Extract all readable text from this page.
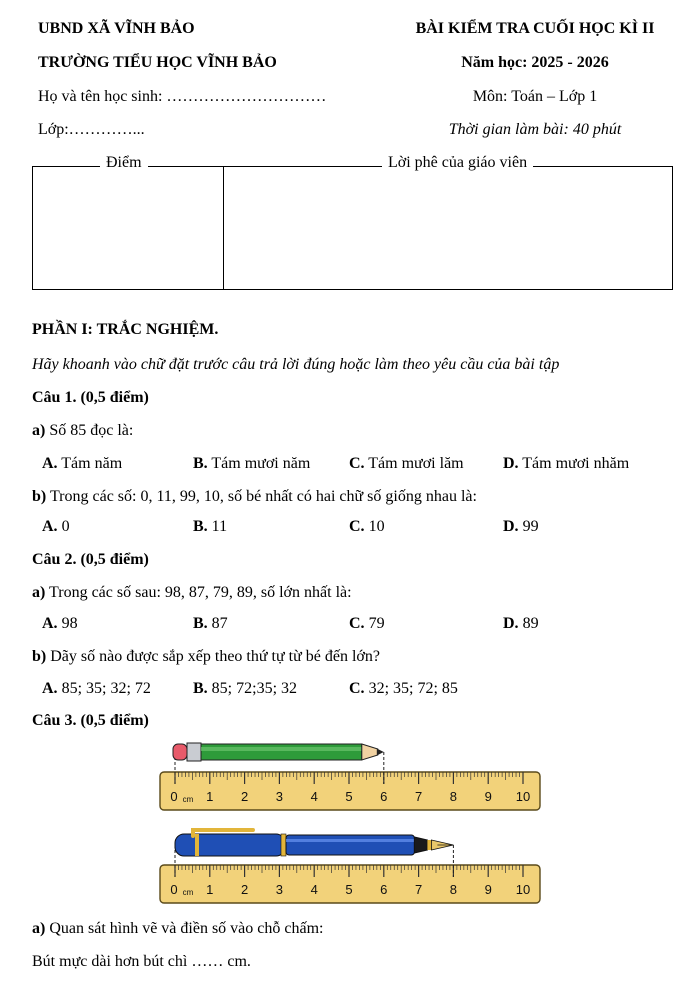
UBND XÃ VĨNH BẢO	BÀI KIỂM TRA CUỐI HỌC KÌ II
TRƯỜNG TIỂU HỌC VĨNH BẢO	Năm học: 2025 - 2026
Họ và tên học sinh: …………………………	Môn: Toán – Lớp 1
Lớp:…………...	Thời gian làm bài: 40 phút
Điểm	Lời phê của giáo viên
PHẦN I: TRẮC NGHIỆM.
Hãy khoanh vào chữ đặt trước câu trả lời đúng hoặc làm theo yêu cầu của bài tập
Câu 1. (0,5 điểm)
a) Số 85 đọc là:
A. Tám năm	B. Tám mươi năm C. Tám mươi lăm D. Tám mươi nhăm
b) Trong các số: 0, 11, 99, 10, số bé nhất có hai chữ số giống nhau là:
A. 0	B. 11	C. 10	D. 99
Câu 2. (0,5 điểm)
a) Trong các số sau: 98, 87, 79, 89, số lớn nhất là:
A. 98	B. 87	C. 79	D. 89
b) Dãy số nào được sắp xếp theo thứ tự từ bé đến lớn?
A. 85; 35; 32; 72	B. 85; 72;35; 32	C. 32; 35; 72; 85
Câu 3. (0,5 điểm)
0 1 2 3 4 5 6 7 8 9 10
cm
0 1 2 3 4 5 6 7 8 9 10
cm
a) Quan sát hình vẽ và điền số vào chỗ chấm:
Bút mực dài hơn bút chì …… cm.
